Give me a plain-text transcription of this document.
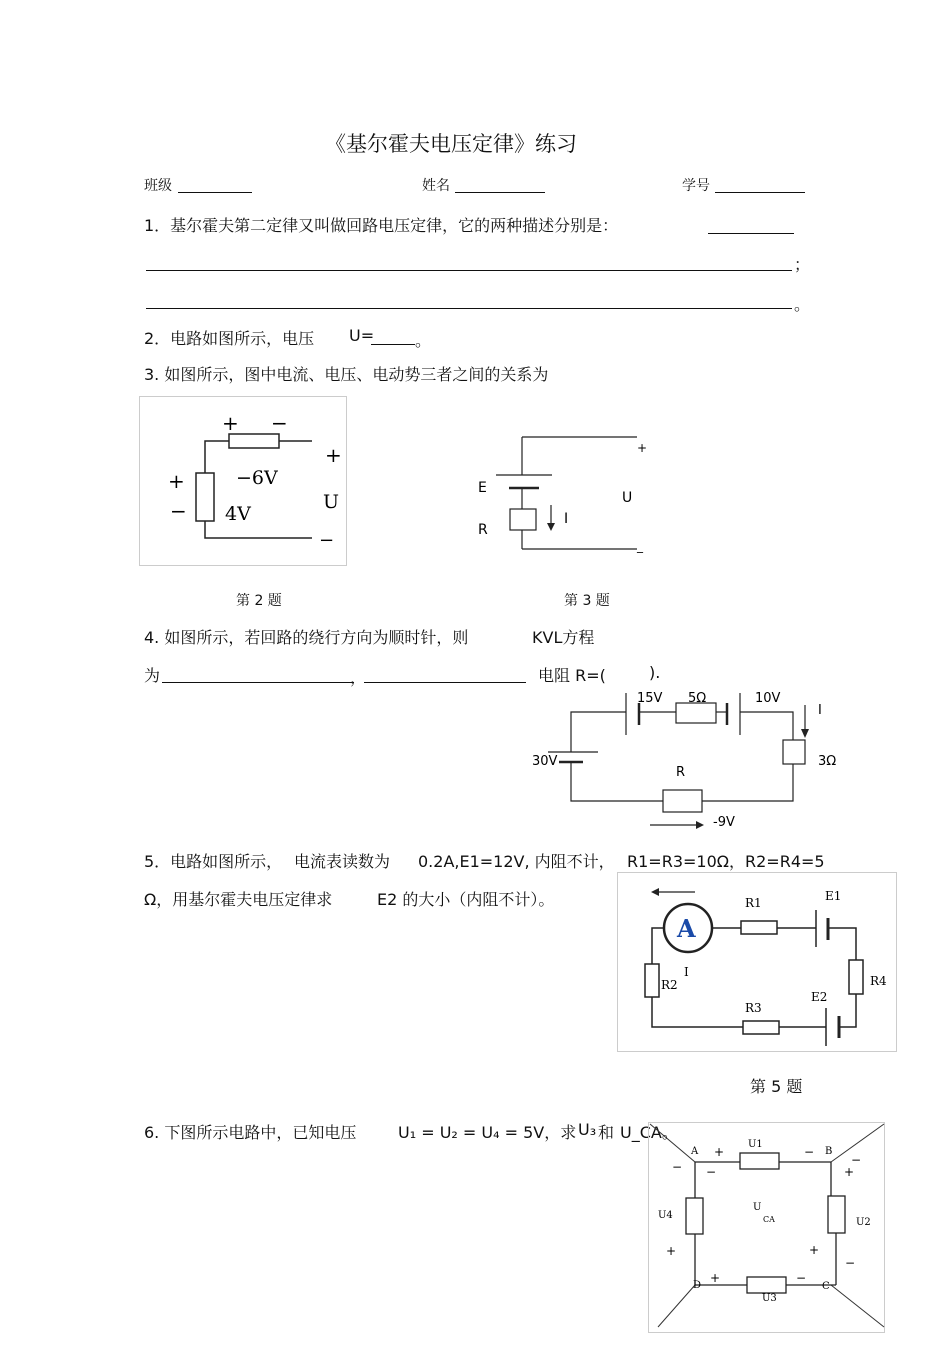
《基尔霍夫电压定律》练习
班级	姓名	学号
1．基尔霍夫第二定律又叫做回路电压定律，它的两种描述分别是：
；
。
2．电路如图所示，电压 U=	。
3. 如图所示，图中电流、电压、电动势三者之间的关系为
+ −
−6V
+
− 4V
+
U
−
第 2 题
E
R
I
U
+
_
第 3 题
4. 如图所示，若回路的绕行方向为顺时针，则	KVL方程
为	，	电阻 R=(	).
15V 5Ω	10V
I
30V	3Ω
R
-9V
5．电路如图所示， 电流表读数为 0.2A,E1=12V, 内阻不计， R1=R3=10Ω，R2=R4=5
Ω，用基尔霍夫电压定律求	E2 的大小（内阻不计）。
A
R1	E1
I
R2	R4
R3
E2
第 5 题
6. 下图所示电路中，已知电压	U₁ = U₂ = U₄ = 5V，求 U₃ 和 U_CA。
A	B
C
D
U1
U2
U3
U4
U
CA
+
− −
−
−
+
+	+
−
+	−
